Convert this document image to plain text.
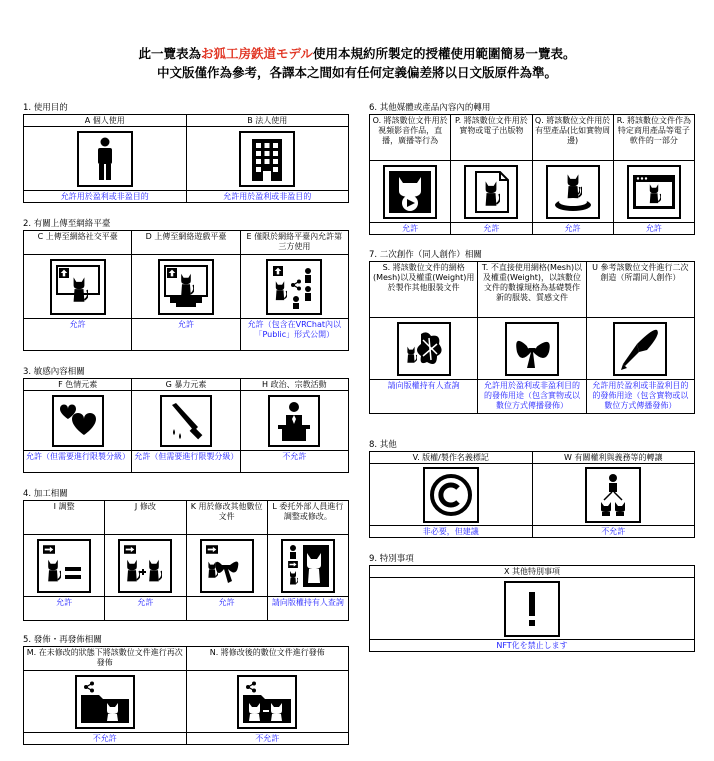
此一覽表為お狐工房鉄道モデル使用本規約所製定的授權使用範圍簡易一覽表。
中文版僅作為參考，各譯本之間如有任何定義偏差將以日文版原件為準。
1. 使用目的
A 個人使用	B 法人使用

允許用於盈利或非盈目的	允許用於盈利或非盈目的
2. 有關上傳至網絡平臺
C 上傳至網絡社交平臺	D 上傳至網絡遊戲平臺	E 僅限於網絡平臺內允許第三方使用

允許	允許	允許（包含在VRChat內以「Public」形式公開）
3. 敏感內容相關
F 色情元素	G 暴力元素	H 政治、宗教活動

允許（但需要進行限製分級）	允許（但需要進行限製分級）	不允許
4. 加工相關
I 調整	J 修改	K 用於修改其他數位文件	L 委托外部人員進行調整或修改。

允許	允許	允許	請向版權持有人查詢
5. 發佈・再發佈相關
M. 在未修改的狀態下將該數位文件進行再次發佈	N. 將修改後的數位文件進行發佈

不允許	不允許
6. 其他媒體或產品內容內的轉用
O. 將該數位文件用於視頻影音作品，直播，廣播等行為	P. 將該數位文件用於實物或電子出版物	Q. 將該數位文件用於有型產品(比如實物周邊)	R. 將該數位文件作為特定商用產品等電子軟件的一部分

允許	允許	允許	允許
7. 二次創作（同人創作）相關
S. 將該數位文件的網格(Mesh)以及權重(Weight)用於製作其他服裝文件	T. 不直接使用網格(Mesh)以及權重(Weight)，以該數位文件的數據規格為基礎製作新的服裝、質感文件	U 參考該數位文件進行二次創造（所謂同人創作）

請向版權持有人查詢	允許用於盈利或非盈利目的的發佈用途（包含實物或以數位方式傳播發佈）	允許用於盈利或非盈利目的的發佈用途（包含實物或以數位方式傳播發佈）
8. 其他
V. 版權/製作名義標記	W 有關權利與義務等的轉讓

非必要，但建議	不允許
9. 特別事項
X 其他特別事項

NFT化を禁止します
